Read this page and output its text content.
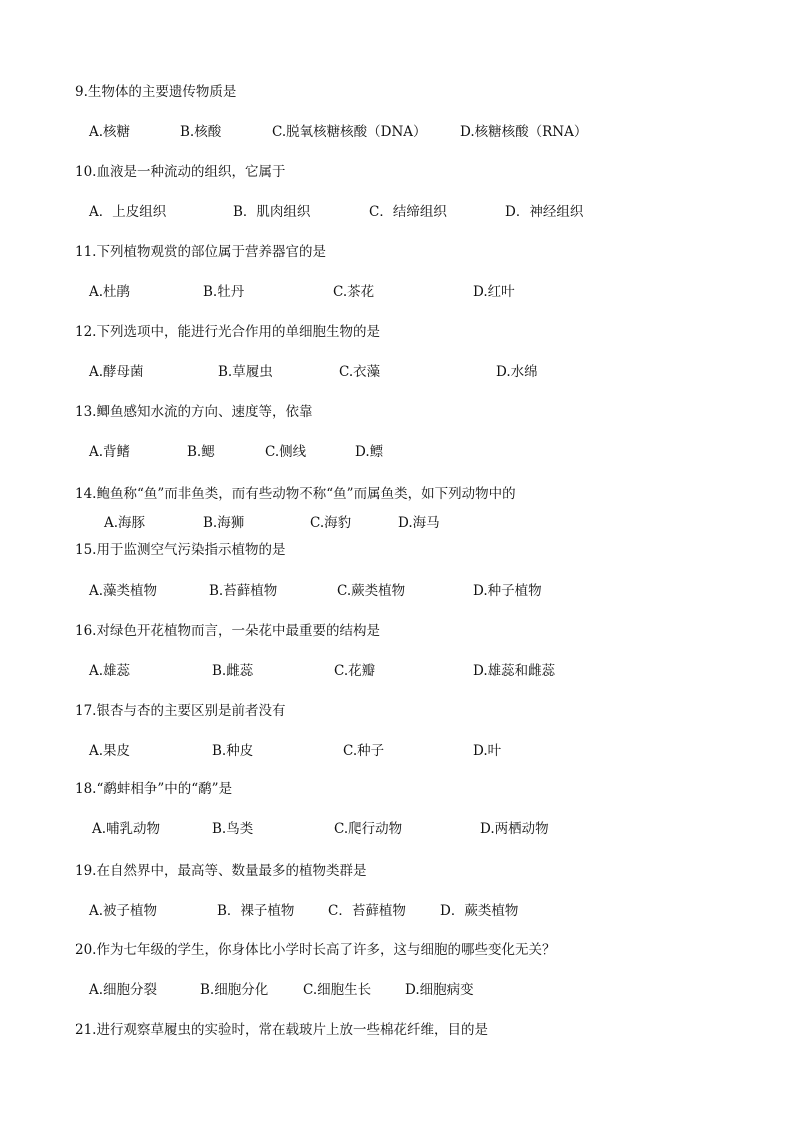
9.生物体的主要遗传物质是
A.核糖	B.核酸	C.脱氧核糖核酸（DNA） D.核糖核酸（RNA）
10.血液是一种流动的组织，它属于
A．上皮组织	B．肌肉组织	C．结缔组织	D．神经组织
11.下列植物观赏的部位属于营养器官的是
A.杜鹃	B.牡丹	C.茶花	D.红叶
12.下列选项中，能进行光合作用的单细胞生物的是
A.酵母菌	B.草履虫	C.衣藻	D.水绵
13.鲫鱼感知水流的方向、速度等，依靠
A.背鳍	B.鳃	C.侧线	D.鳔
14.鲍鱼称“鱼”而非鱼类，而有些动物不称“鱼”而属鱼类，如下列动物中的
A.海豚	B.海狮	C.海豹	D.海马
15.用于监测空气污染指示植物的是
A.藻类植物	B.苔藓植物	C.蕨类植物	D.种子植物
16.对绿色开花植物而言，一朵花中最重要的结构是
A.雄蕊	B.雌蕊	C.花瓣	D.雄蕊和雌蕊
17.银杏与杏的主要区别是前者没有
A.果皮	B.种皮	C.种子	D.叶
18.“鹬蚌相争”中的“鹬”是
A.哺乳动物	B.鸟类	C.爬行动物	D.两栖动物
19.在自然界中，最高等、数量最多的植物类群是
A.被子植物	B．裸子植物 C．苔藓植物	D．蕨类植物
20.作为七年级的学生，你身体比小学时长高了许多，这与细胞的哪些变化无关？
A.细胞分裂	B.细胞分化	C.细胞生长	D.细胞病变
21.进行观察草履虫的实验时，常在载玻片上放一些棉花纤维，目的是
